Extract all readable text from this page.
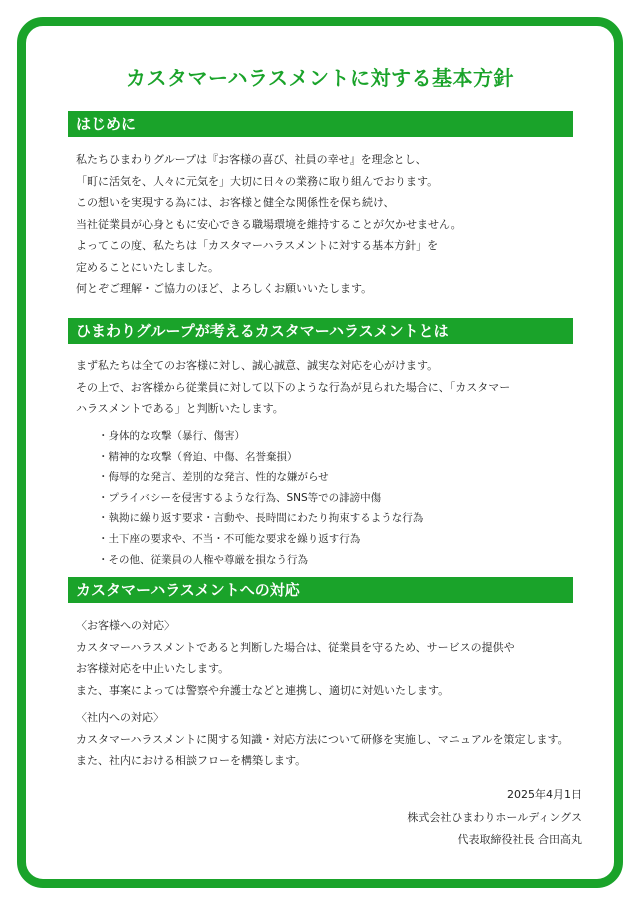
カスタマーハラスメントに対する基本方針
はじめに
私たちひまわりグループは『お客様の喜び、社員の幸せ』を理念とし、
「町に活気を、人々に元気を」大切に日々の業務に取り組んでおります。
この想いを実現する為には、お客様と健全な関係性を保ち続け、
当社従業員が心身ともに安心できる職場環境を維持することが欠かせません。
よってこの度、私たちは「カスタマーハラスメントに対する基本方針」を
定めることにいたしました。
何とぞご理解・ご協力のほど、よろしくお願いいたします。
ひまわりグループが考えるカスタマーハラスメントとは
まず私たちは全てのお客様に対し、誠心誠意、誠実な対応を心がけます。
その上で、お客様から従業員に対して以下のような行為が見られた場合に、「カスタマー
ハラスメントである」と判断いたします。
・身体的な攻撃（暴行、傷害）
・精神的な攻撃（脅迫、中傷、名誉棄損）
・侮辱的な発言、差別的な発言、性的な嫌がらせ
・プライバシーを侵害するような行為、SNS等での誹謗中傷
・執拗に繰り返す要求・言動や、長時間にわたり拘束するような行為
・土下座の要求や、不当・不可能な要求を繰り返す行為
・その他、従業員の人権や尊厳を損なう行為
カスタマーハラスメントへの対応
〈お客様への対応〉
カスタマーハラスメントであると判断した場合は、従業員を守るため、サービスの提供や
お客様対応を中止いたします。
また、事案によっては警察や弁護士などと連携し、適切に対処いたします。
〈社内への対応〉
カスタマーハラスメントに関する知識・対応方法について研修を実施し、マニュアルを策定します。
また、社内における相談フローを構築します。
2025年4月1日
株式会社ひまわりホールディングス
代表取締役社長 合田高丸
